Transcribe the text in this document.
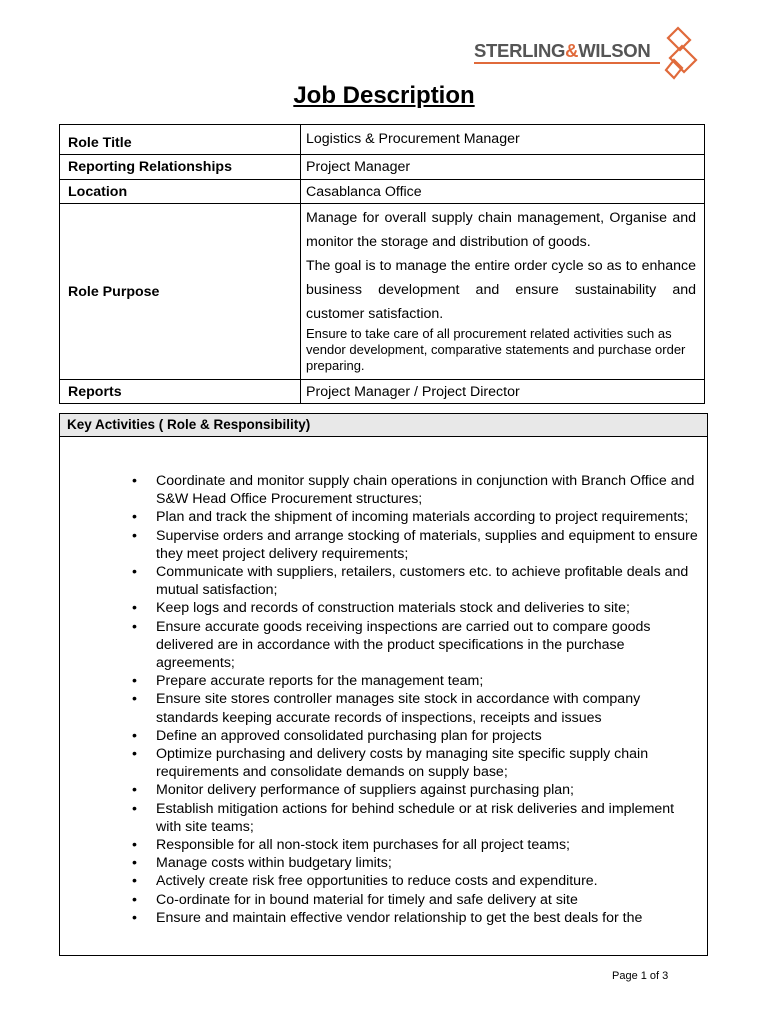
STERLING&WILSON
Job Description
Role Title	Logistics & Procurement Manager
Reporting Relationships	Project Manager
Location	Casablanca Office
Role Purpose	Manage for overall supply chain management, Organise and monitor the storage and distribution of goods.
The goal is to manage the entire order cycle so as to enhance business development and ensure sustainability and customer satisfaction.
Ensure to take care of all procurement related activities such as vendor development, comparative statements and purchase order preparing.

Reports	Project Manager / Project Director
Key Activities ( Role & Responsibility)
• Coordinate and monitor supply chain operations in conjunction with Branch Office and S&W Head Office Procurement structures;
• Plan and track the shipment of incoming materials according to project requirements;
• Supervise orders and arrange stocking of materials, supplies and equipment to ensure they meet project delivery requirements;
• Communicate with suppliers, retailers, customers etc. to achieve profitable deals and mutual satisfaction;
• Keep logs and records of construction materials stock and deliveries to site;
• Ensure accurate goods receiving inspections are carried out to compare goods delivered are in accordance with the product specifications in the purchase agreements;
• Prepare accurate reports for the management team;
• Ensure site stores controller manages site stock in accordance with company standards keeping accurate records of inspections, receipts and issues
• Define an approved consolidated purchasing plan for projects
• Optimize purchasing and delivery costs by managing site specific supply chain requirements and consolidate demands on supply base;
• Monitor delivery performance of suppliers against purchasing plan;
• Establish mitigation actions for behind schedule or at risk deliveries and implement with site teams;
• Responsible for all non-stock item purchases for all project teams;
• Manage costs within budgetary limits;
• Actively create risk free opportunities to reduce costs and expenditure.
• Co-ordinate for in bound material for timely and safe delivery at site
• Ensure and maintain effective vendor relationship to get the best deals for the
Page 1 of 3
